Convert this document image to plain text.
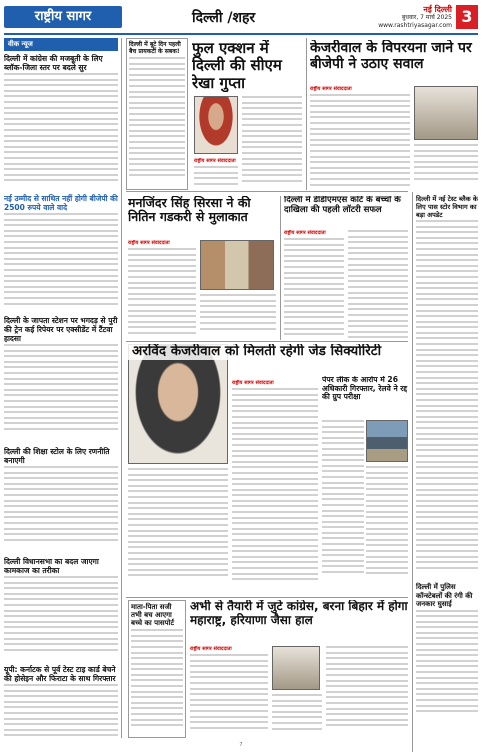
राष्ट्रीय सागर	दिल्ली /शहर
नई दिल्ली
बुधवार, 7 मार्च 2025
www.rashtriyasagar.com 3
वीक न्यूज
दिल्ली में कांग्रेस की मजबूती के लिए ब्लॉक-जिला स्तर पर बदले सुर
नई उम्मीद से साथित नहीं होगी बीजेपी की 2500 रुपये वाले वादे
दिल्ली के जापता स्टेशन पर भगदड़ से पुरी की ट्रेन कई रिपेयर पर एक्सीडेंट में टैंटवा हादसा
दिल्ली की शिक्षा स्टोल के लिए रणनीति बनाएगी
दिल्ली विधानसभा का बदल जाएगा कामकाज का तरीका
यूपी: कर्नाटक से पूर्व टेस्ट टाइ कार्ड बेचने की होसेइन और फिराटा के साथ गिरफ्तार
दिल्ली में बूटे दिन पहली बैच प्रायकर्टी के सबक! फुल एक्शन में दिल्ली की सीएम रेखा गुप्ता
राष्ट्रीय सागर संवाददाता
केजरीवाल के विपरयना जाने पर बीजेपी ने उठाए सवाल
राष्ट्रीय सागर संवाददाता
मनजिंदर सिंह सिरसा ने की नितिन गडकरी से मुलाकात
राष्ट्रीय सागर संवाददाता
दिल्ली में डीडीएमएस कोर्ट के बच्चों के दाखिला की पहली लॉटरी सफल
राष्ट्रीय सागर संवाददाता
दिल्ली में नई टेस्ट ब्लैक के लिए पास स्टोर विभाग का बड़ा अपडेट
दिल्ली में पुलिस कॉन्स्टेबलों की रंगी की जनकार घुसाई
अरविंद केजरीवाल को मिलती रहेगी जेड सिक्योरिटी
राष्ट्रीय सागर संवाददाता	पेपर लीक के आरोप में 26 अधिकारी गिरफ्तार, रेलवे ने रद्द की ग्रुप परीक्षा
माता-पिता सजी तभी बच आएगा बच्चे का पासपोर्ट
अभी से तैयारी में जुटे कांग्रेस, बरना बिहार में होगा महाराष्ट्र, हरियाणा जैसा हाल
राष्ट्रीय सागर संवाददाता
7
